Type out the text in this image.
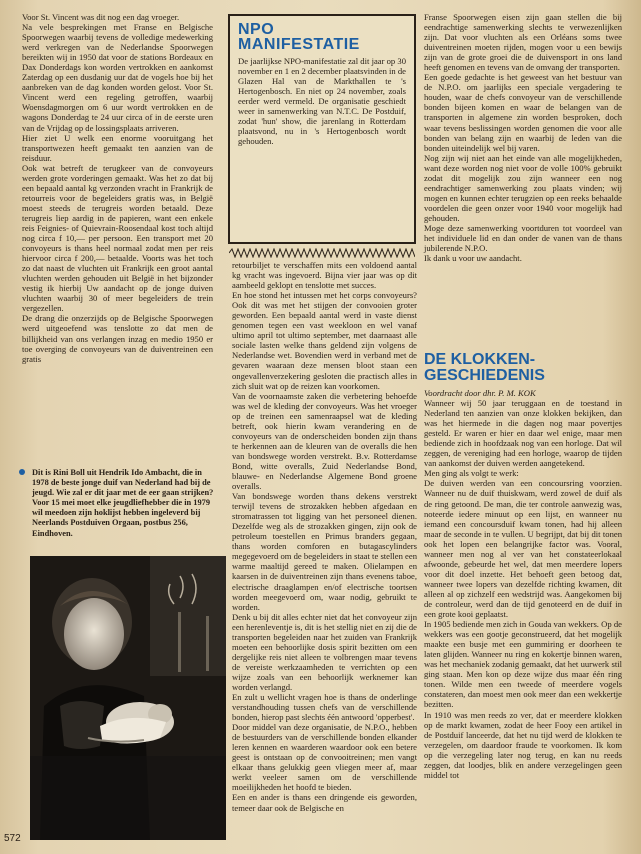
Voor St. Vincent was dit nog een dag vroeger.

Na vele besprekingen met Franse en Belgische Spoorwegen waarbij tevens de volledige medewerking werd verkregen van de Nederlandse Spoorwegen bereikten wij in 1950 dat voor de stations Bordeaux en Dax Donderdags kon worden vertrokken en aankomst Zaterdag op een dusdanig uur dat de vogels hoe bij het aanbreken van de dag konden worden gelost. Voor St. Vincent werd een regeling getroffen, waarbij Woensdagmorgen om 6 uur wordt vertrokken en de wagons Donderdag te 24 uur circa of in de eerste uren van de Vrijdag op de lossingsplaats arriveren.

Hier ziet U welk een enorme vooruitgang het transportwezen heeft gemaakt ten aanzien van de reisduur.

Ook wat betreft de terugkeer van de convoyeurs werden grote vorderingen gemaakt. Was het zo dat bij een bepaald aantal kg verzonden vracht in Frankrijk de retourreis voor de begeleiders gratis was, in België moest steeds de terugreis worden betaald. Deze terugreis liep aardig in de papieren, want een enkele reis Feignies- of Quievrain-Roosendaal kost toch altijd nog circa f 10,— per persoon. Een transport met 20 convoyeurs is thans heel normaal zodat men per reis hiervoor circa f 200,— betaalde. Voorts was het toch zo dat naast de vluchten uit Frankrijk een groot aantal vluchten werden gehouden uit België in het bijzonder vestig ik hierbij Uw aandacht op de jonge duiven vluchten waarbij 30 of meer begeleiders de trein vergezellen.

De drang die onzerzijds op de Belgische Spoorwegen werd uitgeoefend was tenslotte zo dat men de billijkheid van ons verlangen inzag en medio 1950 er toe overging de convoyeurs van de duiventreinen een gratis

Dit is Rini Boll uit Hendrik Ido Ambacht, die in 1978 de beste jonge duif van Nederland had bij de jeugd. Wie zal er dit jaar met de eer gaan strijken? Voor 15 mei moet elke jeugdliefhebber die in 1979 wil meedoen zijn hoklijst hebben ingeleverd bij Neerlands Postduiven Orgaan, postbus 256, Eindhoven.
572
NPO
MANIFESTATIE

De jaarlijkse NPO-manifestatie zal dit jaar op 30 november en 1 en 2 december plaatsvinden in de Glazen Hal van de Markthallen te 's Hertogenbosch. En niet op 24 november, zoals eerder werd vermeld. De organisatie geschiedt weer in samenwerking van N.T.C. De Postduif, zodat 'hun' show, die jarenlang in Rotterdam plaatsvond, nu in 's Hertogenbosch wordt gehouden.

retourbiljet te verschaffen mits een voldoend aantal kg vracht was ingevoerd. Bijna vier jaar was op dit aambeeld geklopt en tenslotte met succes.

En hoe stond het intussen met het corps convoyeurs? Ook dit was met het stijgen der convooien groter geworden. Een bepaald aantal werd in vaste dienst genomen tegen een vast weekloon en wel vanaf ultimo april tot ultimo september, met daarnaast alle sociale lasten welke thans geldend zijn volgens de Nederlandse wet. Bovendien werd in verband met de gevaren waaraan deze mensen bloot staan een ongevallenverzekering gesloten die practisch alles in zich sluit wat op de reizen kan voorkomen.

Van de voornaamste zaken die verbetering behoefde was wel de kleding der convoyeurs. Was het vroeger op de treinen een samenraapsel wat de kleding betreft, ook hierin kwam verandering en de convoyeurs van de onderscheiden bonden zijn thans te herkennen aan de kleuren van de overalls die hen van bondswege worden verstrekt. B.v. Rotterdamse Bond, witte overalls, Zuid Nederlandse Bond, blauwe- en Nederlandse Algemene Bond groene overalls.

Van bondswege worden thans dekens verstrekt terwijl tevens de strozakken hebben afgedaan en stromatrassen tot ligging van het personeel dienen. Dezelfde weg als de strozakken gingen, zijn ook de petroleum toestellen en Primus branders gegaan, thans worden comforen en butagascylinders megegevoerd om de begeleiders in staat te stellen een warme maaltijd gereed te maken. Olielampen en kaarsen in de duiventreinen zijn thans evenens taboe, electrische draaglampen en/of electrische toortsen worden meegevoerd om, waar nodig, gebruikt te worden.

Denk u bij dit alles echter niet dat het convoyeur zijn een herenleventje is, dit is het stellig niet en zij die de transporten begeleiden naar het zuiden van Frankrijk moeten een behoorlijke dosis spirit bezitten om een dergelijke reis niet alleen te volbrengen maar tevens de vereiste werkzaamheden te verrichten op een wijze zoals van een behoorlijk werknemer kan worden verlangd.

En zult u wellicht vragen hoe is thans de onderlinge verstandhouding tussen chefs van de verschillende bonden, hierop past slechts één antwoord 'opperbest'.

Door middel van deze organisatie, de N.P.O., hebben de bestuurders van de verschillende bonden elkander leren kennen en waarderen waardoor ook een betere geest is ontstaan op de convooitreinen; men vangt elkaar thans gelukkig geen vliegen meer af, maar werkt veeleer samen om de verschillende moeilijkheden het hoofd te bieden.

Een en ander is thans een dringende eis geworden, temeer daar ook de Belgische en

Franse Spoorwegen eisen zijn gaan stellen die bij eendrachtige samenwerking slechts te verwezenlijken zijn. Dat voor vluchten als een Orléans soms twee duiventreinen moeten rijden, mogen voor u een bewijs zijn van de grote groei die de duivensport in ons land heeft genomen en tevens van de omvang der transporten.

Een goede gedachte is het geweest van het bestuur van de N.P.O. om jaarlijks een speciale vergadering te houden, waar de chefs convoyeur van de verschillende bonden bijeen komen en waar de belangen van de transporten in algemene zin worden besproken, doch waar tevens beslissingen worden genomen die voor alle bonden van belang zijn en waarbij de leden van die bonden uiteindelijk wel bij varen.

Nog zijn wij niet aan het einde van alle mogelijkheden, want deze worden nog niet voor de volle 100% gebruikt zodat dit mogelijk zou zijn wanneer een nog eendrachtiger samenwerking zou plaats vinden; wij mogen en kunnen echter terugzien op een reeks behaalde voordelen die geen onzer voor 1940 voor mogelijk had gehouden.

Moge deze samenwerking voortduren tot voordeel van het individuele lid en dan onder de vanen van de thans jubilerende N.P.O.

Ik dank u voor uw aandacht.

DE KLOKKEN-
GESCHIEDENIS

Voordracht door dhr. P. M. KOK

Wanneer wij 50 jaar teruggaan en de toestand in Nederland ten aanzien van onze klokken bekijken, dan was het hiermede in die dagen nog maar povertjes gesteld. Er waren er hier en daar wel enige, maar men bediende zich in hoofdzaak nog van een horloge. Dat wil zeggen, de vereniging had een horloge, waarop de tijden van aankomst der duiven werden aangetekend.

Men ging als volgt te werk:

De duiven werden van een concoursring voorzien. Wanneer nu de duif thuiskwam, werd zowel de duif als de ring getoond. De man, die ter controle aanwezig was, noteerde iedere minuut op een lijst, en wanneer nu iemand een concoursduif kwam tonen, had hij alleen maar de seconde in te vullen. U begrijpt, dat bij dit tonen ook het lopen een belangrijke factor was. Vooral, wanneer men nog al ver van het constateerlokaal afwoonde, gebeurde het wel, dat men meerdere lopers voor dit doel inzette. Het behoeft geen betoog dat, wanneer twee lopers van dezelfde richting kwamen, dit alleen al op zichzelf een wedstrijd was. Aangekomen bij de controleur, werd dan de tijd genoteerd en de duif in een grote kooi geplaatst.

In 1905 bediende men zich in Gouda van wekkers. Op de wekkers was een gootje geconstrueerd, dat het mogelijk maakte een busje met een gummiring er doorheen te laten glijden. Wanneer nu ring en kokertje binnen waren, was het mechaniek zodanig gemaakt, dat het uurwerk stil ging staan. Men kon op deze wijze dus maar één ring tonen. Wilde men een tweede of meerdere vogels constateren, dan moest men ook meer dan een wekkertje bezitten.

In 1910 was men reeds zo ver, dat er meerdere klokken op de markt kwamen, zodat de heer Fooy een artikel in de Postduif lanceerde, dat het nu tijd werd de klokken te verzegelen, om daardoor fraude te voorkomen. Ik kom op die verzegeling later nog terug, en kan nu reeds zeggen, dat loodjes, blik en andere verzegelingen geen middel tot
